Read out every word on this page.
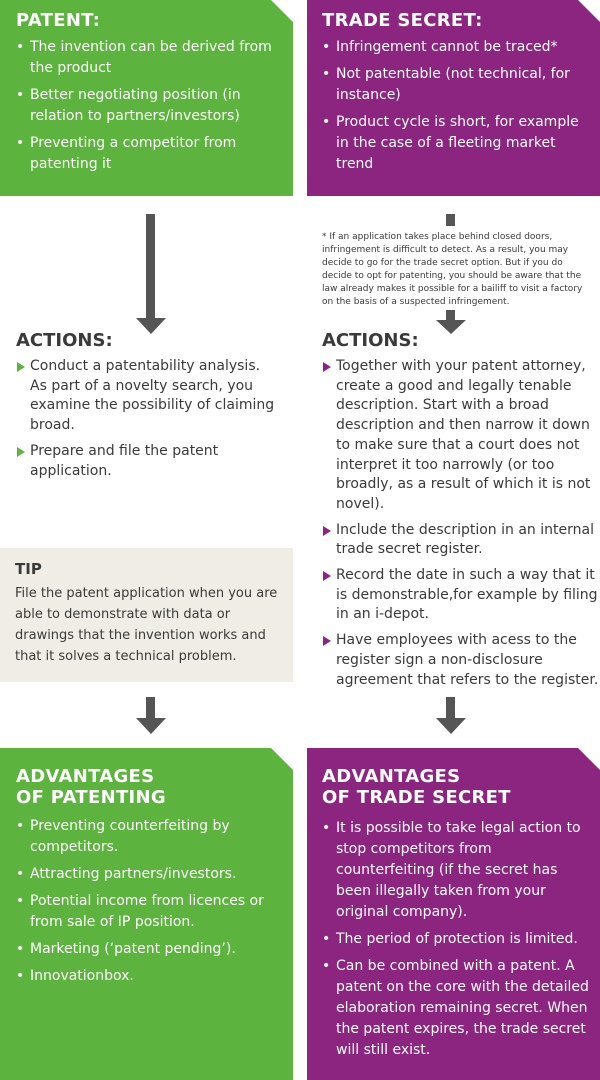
PATENT:
• The invention can be derived from the product
• Better negotiating position (in relation to partners/investors)
• Preventing a competitor from patenting it
TRADE SECRET:
• Infringement cannot be traced*
• Not patentable (not technical, for instance)
• Product cycle is short, for example in the case of a fleeting market trend
* If an application takes place behind closed doors, infringement is difficult to detect. As a result, you may decide to go for the trade secret option. But if you do decide to opt for patenting, you should be aware that the law already makes it possible for a bailiff to visit a factory on the basis of a suspected infringement.
ACTIONS:
Conduct a patentability analysis. As part of a novelty search, you examine the possibility of claiming broad.
Prepare and file the patent application.
ACTIONS:
Together with your patent attorney, create a good and legally tenable description. Start with a broad description and then narrow it down to make sure that a court does not interpret it too narrowly (or too broadly, as a result of which it is not novel).
Include the description in an internal trade secret register.
Record the date in such a way that it is demonstrable,for example by filing in an i-depot.
Have employees with acess to the register sign a non-disclosure agreement that refers to the register.
TIP

File the patent application when you are able to demonstrate with data or drawings that the invention works and that it solves a technical problem.

ADVANTAGES
OF PATENTING
• Preventing counterfeiting by competitors.
• Attracting partners/investors.
• Potential income from licences or from sale of IP position.
• Marketing (‘patent pending’).
• Innovationbox.
ADVANTAGES
OF TRADE SECRET
• It is possible to take legal action to stop competitors from counterfeiting (if the secret has been illegally taken from your original company).
• The period of protection is limited.
• Can be combined with a patent. A patent on the core with the detailed elaboration remaining secret. When the patent expires, the trade secret will still exist.
